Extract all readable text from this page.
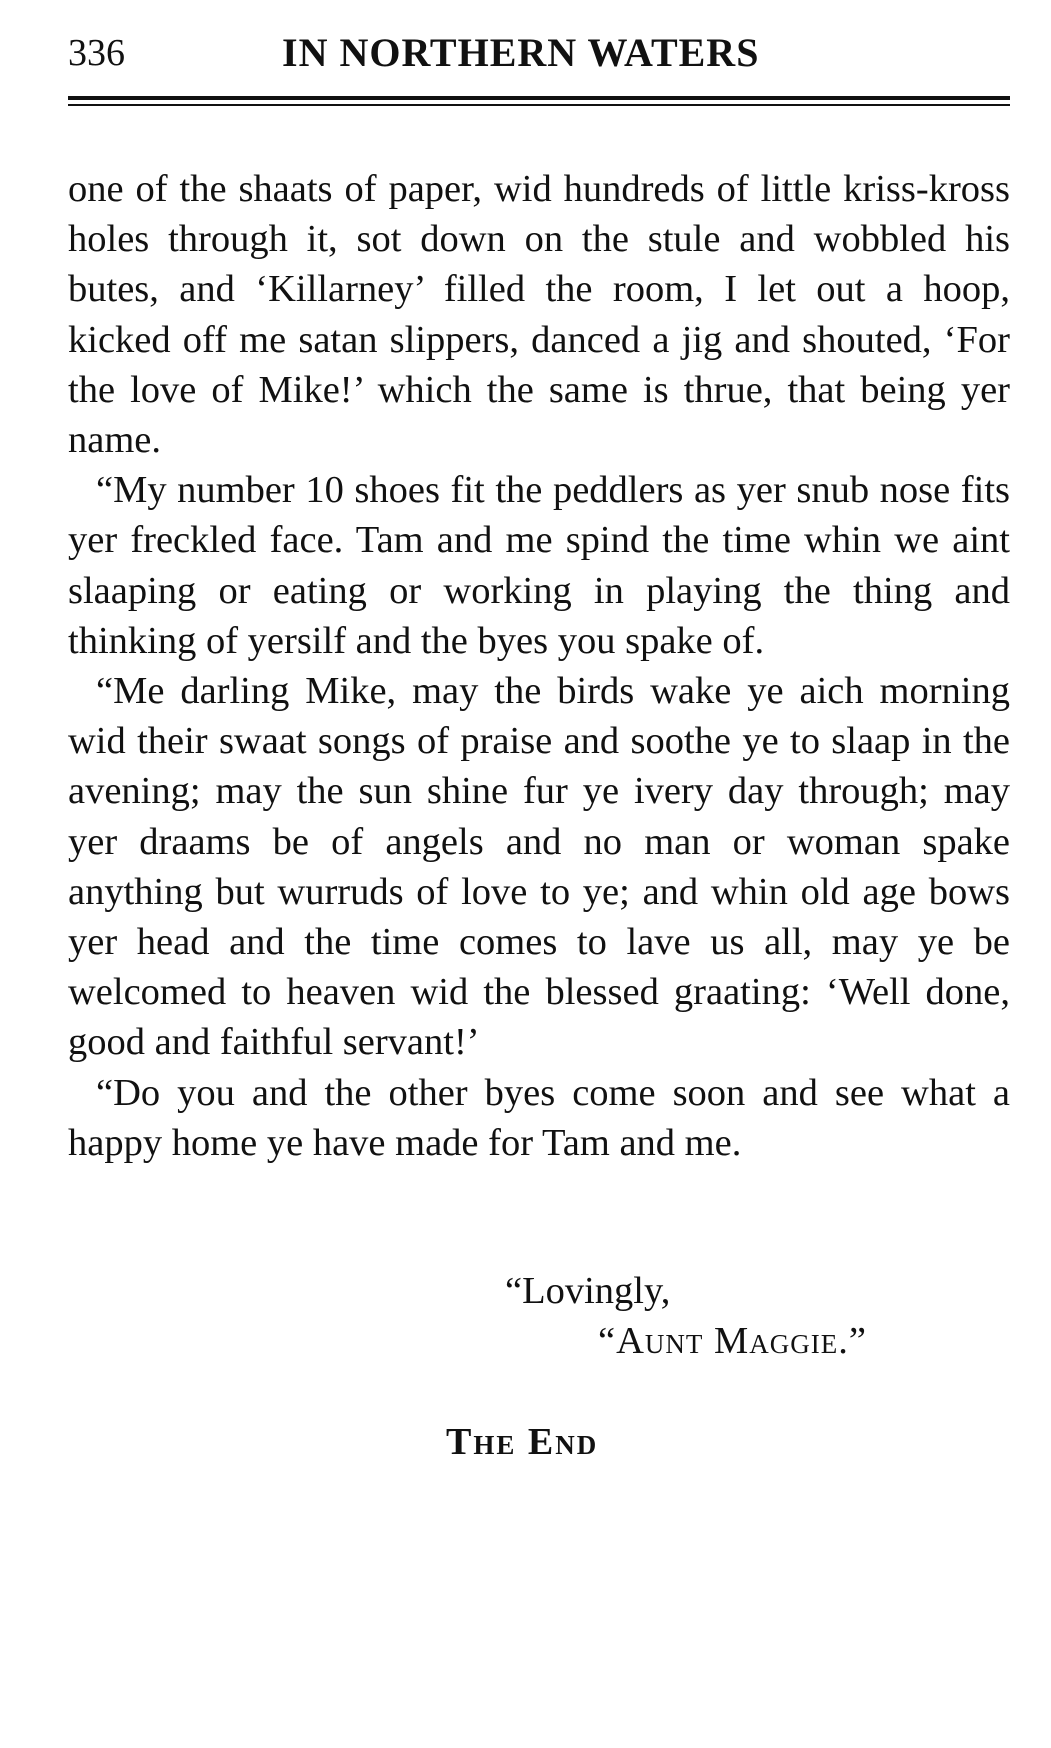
336	IN NORTHERN WATERS

one of the shaats of paper, wid hundreds of little kriss-kross holes through it, sot down on the stule and wobbled his butes, and ‘Killarney’ filled the room, I let out a hoop, kicked off me satan slippers, danced a jig and shouted, ‘For the love of Mike!’ which the same is thrue, that being yer name.

“My number 10 shoes fit the peddlers as yer snub nose fits yer freckled face. Tam and me spind the time whin we aint slaaping or eating or working in playing the thing and thinking of yersilf and the byes you spake of.

“Me darling Mike, may the birds wake ye aich morning wid their swaat songs of praise and soothe ye to slaap in the avening; may the sun shine fur ye ivery day through; may yer draams be of angels and no man or woman spake anything but wurruds of love to ye; and whin old age bows yer head and the time comes to lave us all, may ye be welcomed to heaven wid the blessed graating: ‘Well done, good and faithful servant!’

“Do you and the other byes come soon and see what a happy home ye have made for Tam and me.

“Lovingly,
“Aunt Maggie.”
The End
